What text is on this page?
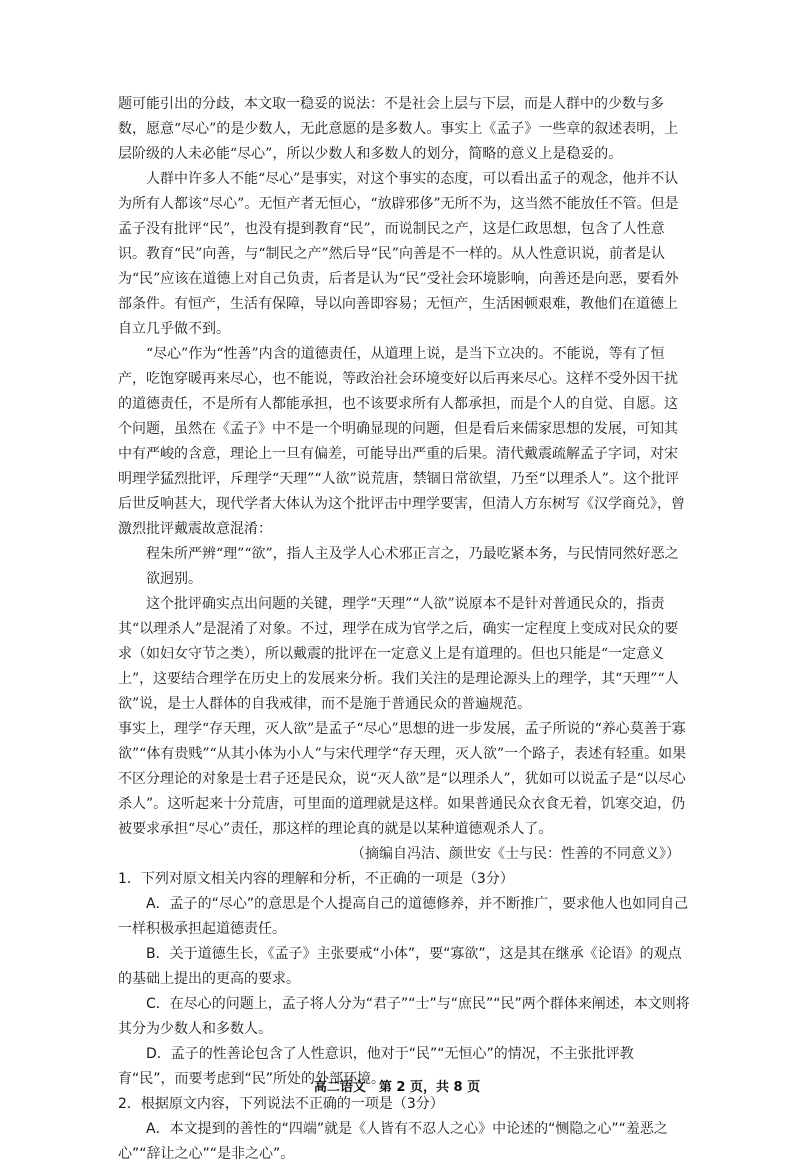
题可能引出的分歧，本文取一稳妥的说法：不是社会上层与下层，而是人群中的少数与多数，愿意“尽心”的是少数人，无此意愿的是多数人。事实上《孟子》一些章的叙述表明，上层阶级的人未必能“尽心”，所以少数人和多数人的划分，简略的意义上是稳妥的。

人群中许多人不能“尽心”是事实，对这个事实的态度，可以看出孟子的观念，他并不认为所有人都该“尽心”。无恒产者无恒心，“放辟邪侈”无所不为，这当然不能放任不管。但是孟子没有批评“民”，也没有提到教育“民”，而说制民之产，这是仁政思想，包含了人性意识。教育“民”向善，与“制民之产”然后导“民”向善是不一样的。从人性意识说，前者是认为“民”应该在道德上对自己负责，后者是认为“民”受社会环境影响，向善还是向恶，要看外部条件。有恒产，生活有保障，导以向善即容易；无恒产，生活困顿艰难，教他们在道德上自立几乎做不到。

“尽心”作为“性善”内含的道德责任，从道理上说，是当下立决的。不能说，等有了恒产，吃饱穿暖再来尽心，也不能说，等政治社会环境变好以后再来尽心。这样不受外因干扰的道德责任，不是所有人都能承担，也不该要求所有人都承担，而是个人的自觉、自愿。这个问题，虽然在《孟子》中不是一个明确显现的问题，但是看后来儒家思想的发展，可知其中有严峻的含意，理论上一旦有偏差，可能导出严重的后果。清代戴震疏解孟子字词，对宋明理学猛烈批评，斥理学“天理”“人欲”说荒唐，禁锢日常欲望，乃至“以理杀人”。这个批评后世反响甚大，现代学者大体认为这个批评击中理学要害，但清人方东树写《汉学商兑》，曾激烈批评戴震故意混淆：

程朱所严辨“理”“欲”，指人主及学人心术邪正言之，乃最吃紧本务，与民情同然好恶之欲迥别。

这个批评确实点出问题的关键，理学“天理”“人欲”说原本不是针对普通民众的，指责其“以理杀人”是混淆了对象。不过，理学在成为官学之后，确实一定程度上变成对民众的要求（如妇女守节之类），所以戴震的批评在一定意义上是有道理的。但也只能是“一定意义上”，这要结合理学在历史上的发展来分析。我们关注的是理论源头上的理学，其“天理”“人欲”说，是士人群体的自我戒律，而不是施于普通民众的普遍规范。

事实上，理学“存天理，灭人欲”是孟子“尽心”思想的进一步发展，孟子所说的“养心莫善于寡欲”“体有贵贱”“从其小体为小人”与宋代理学“存天理，灭人欲”一个路子，表述有轻重。如果不区分理论的对象是士君子还是民众，说“灭人欲”是“以理杀人”，犹如可以说孟子是“以尽心杀人”。这听起来十分荒唐，可里面的道理就是这样。如果普通民众衣食无着，饥寒交迫，仍被要求承担“尽心”责任，那这样的理论真的就是以某种道德观杀人了。

（摘编自冯洁、颜世安《士与民：性善的不同意义》）

1．下列对原文相关内容的理解和分析，不正确的一项是（3分）

A．孟子的“尽心”的意思是个人提高自己的道德修养，并不断推广，要求他人也如同自己一样积极承担起道德责任。

B．关于道德生长，《孟子》主张要戒“小体”，要“寡欲”，这是其在继承《论语》的观点的基础上提出的更高的要求。

C．在尽心的问题上，孟子将人分为“君子”“士”与“庶民”“民”两个群体来阐述，本文则将其分为少数人和多数人。

D．孟子的性善论包含了人性意识，他对于“民”“无恒心”的情况，不主张批评教育“民”，而要考虑到“民”所处的外部环境。

2．根据原文内容，下列说法不正确的一项是（3分）

A．本文提到的善性的“四端”就是《人皆有不忍人之心》中论述的“恻隐之心”“羞恶之心”“辞让之心”“是非之心”。

高二语文　第 2 页，共 8 页
